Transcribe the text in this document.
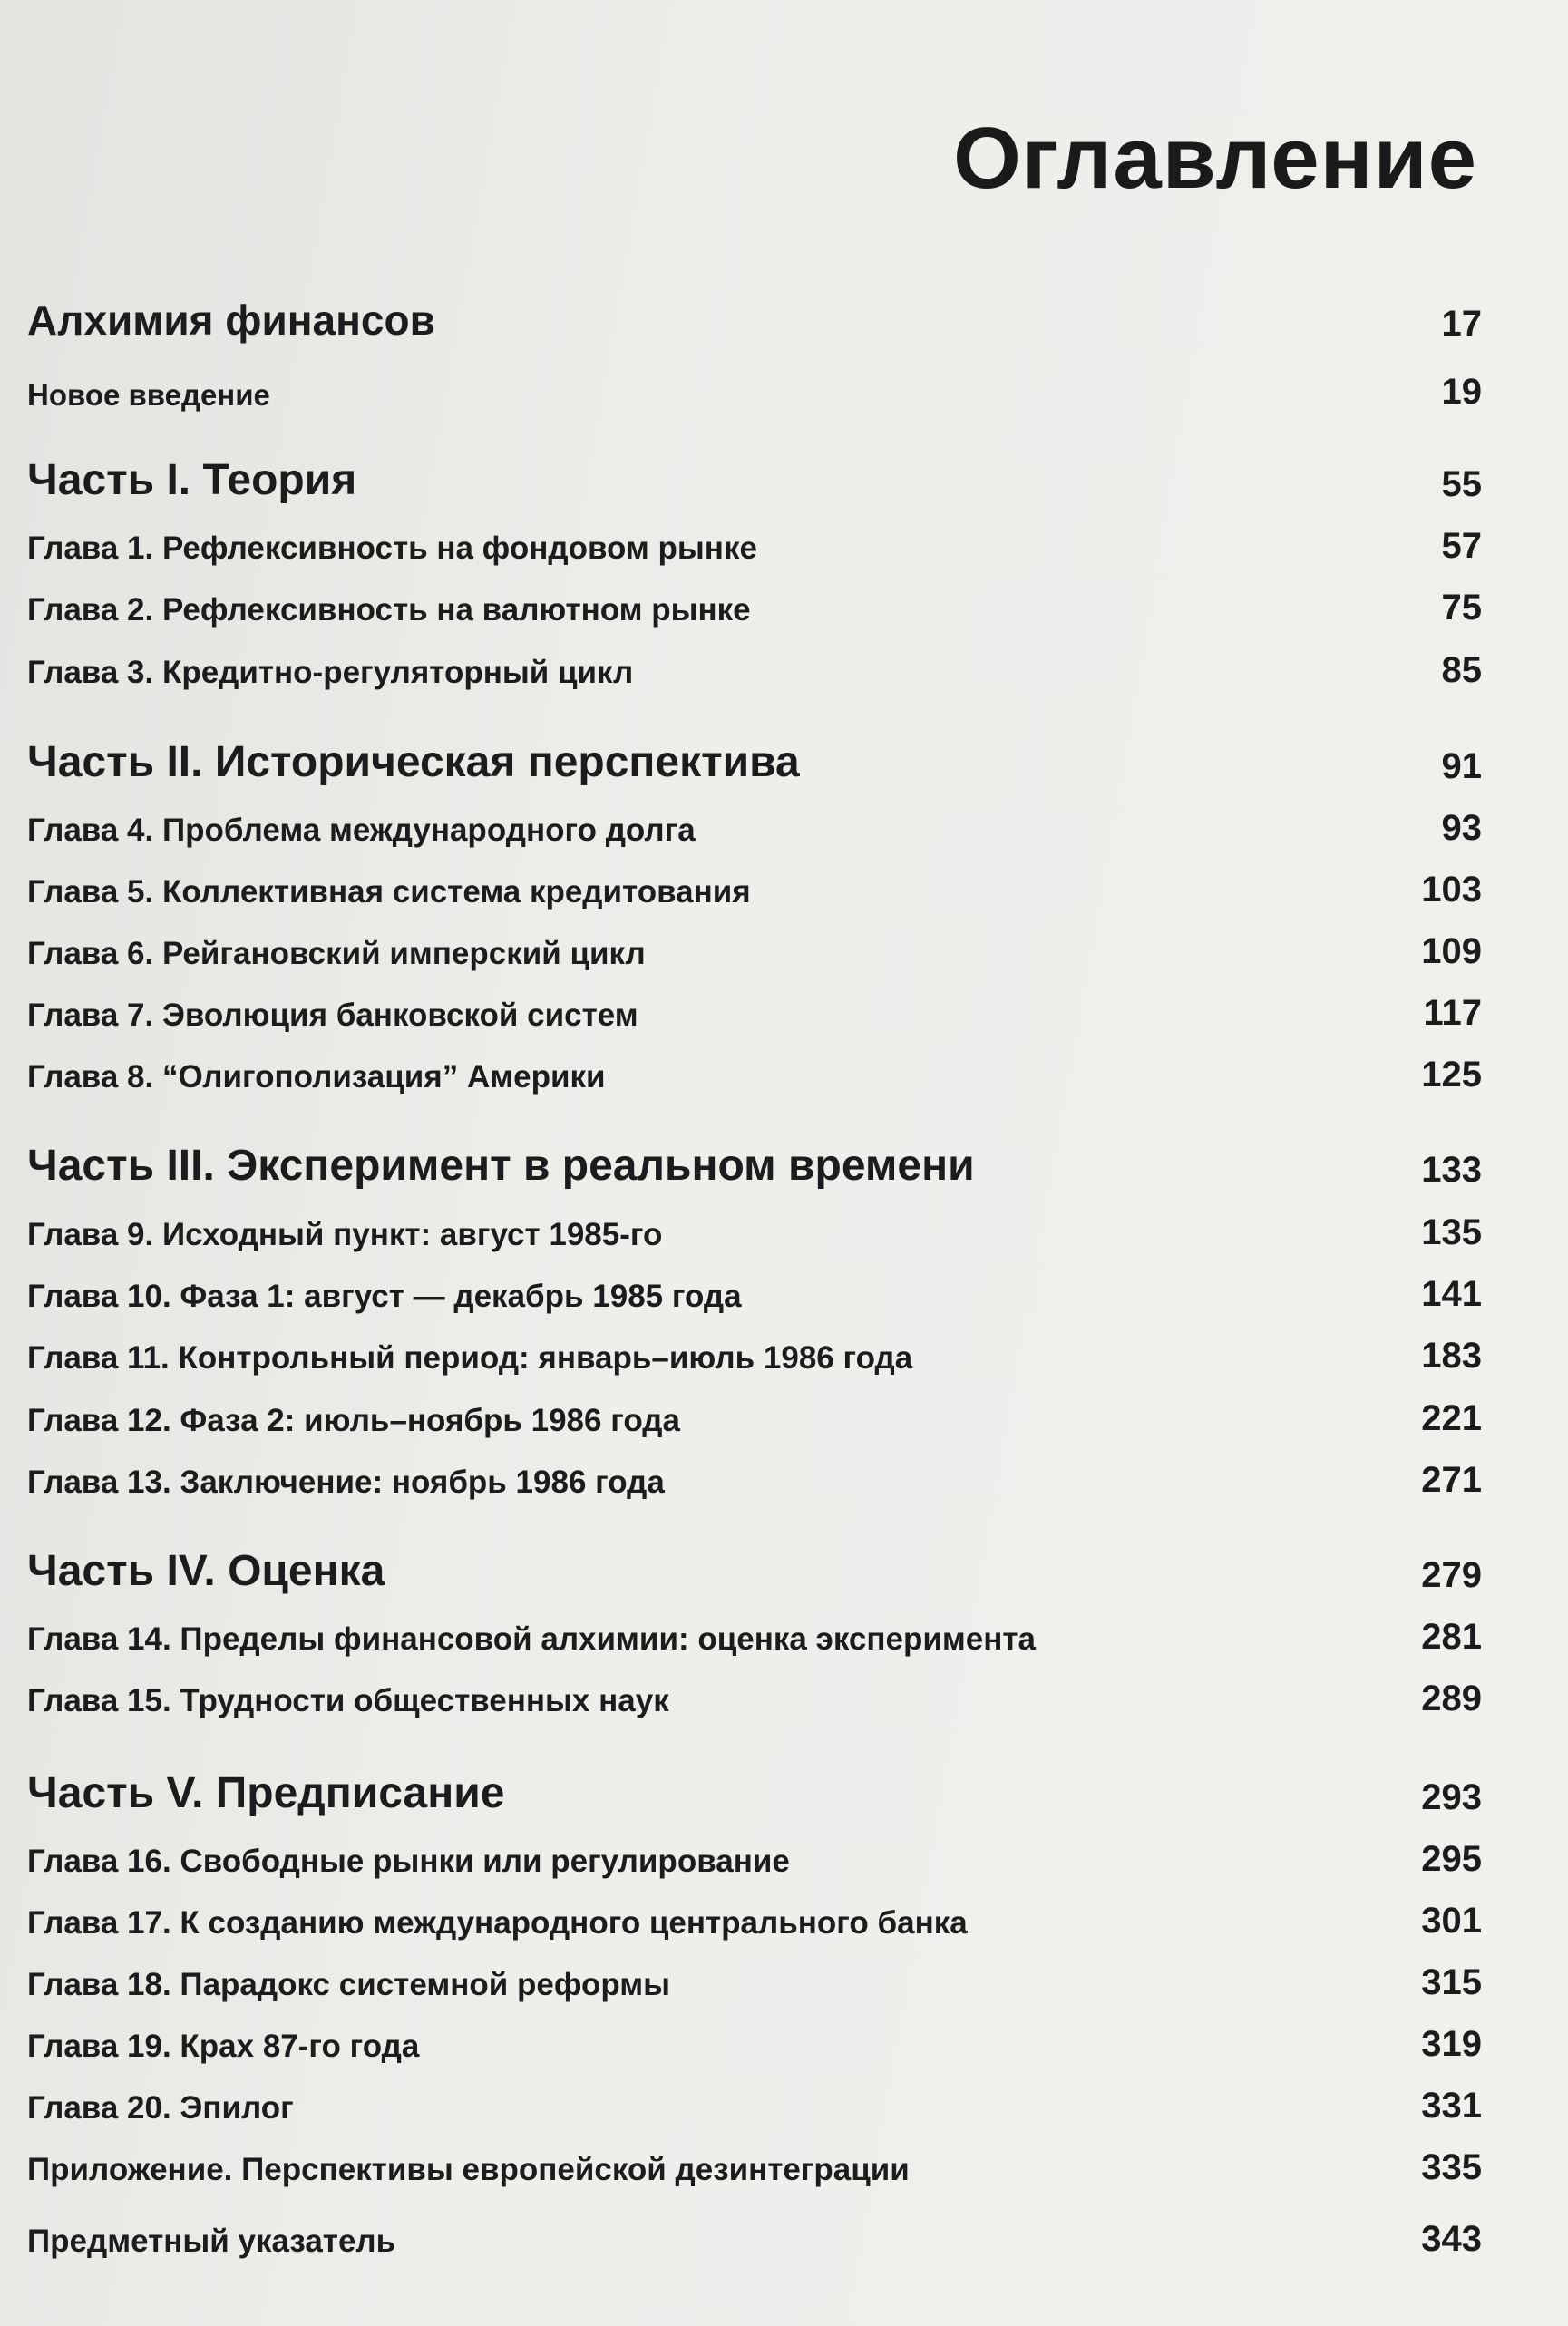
Оглавление
Алхимия финансов	17
Новое введение	19
Часть I. Теория	55
Глава 1. Рефлексивность на фондовом рынке	57
Глава 2. Рефлексивность на валютном рынке	75
Глава 3. Кредитно-регуляторный цикл	85
Часть II. Историческая перспектива	91
Глава 4. Проблема международного долга	93
Глава 5. Коллективная система кредитования	103
Глава 6. Рейгановский имперский цикл	109
Глава 7. Эволюция банковской систем	117
Глава 8. “Олигополизация” Америки	125
Часть III. Эксперимент в реальном времени	133
Глава 9. Исходный пункт: август 1985-го	135
Глава 10. Фаза 1: август — декабрь 1985 года	141
Глава 11. Контрольный период: январь–июль 1986 года	183
Глава 12. Фаза 2: июль–ноябрь 1986 года	221
Глава 13. Заключение: ноябрь 1986 года	271
Часть IV. Оценка	279
Глава 14. Пределы финансовой алхимии: оценка эксперимента	281
Глава 15. Трудности общественных наук	289
Часть V. Предписание	293
Глава 16. Свободные рынки или регулирование	295
Глава 17. К созданию международного центрального банка	301
Глава 18. Парадокс системной реформы	315
Глава 19. Крах 87-го года	319
Глава 20. Эпилог	331
Приложение. Перспективы европейской дезинтеграции	335
Предметный указатель	343
